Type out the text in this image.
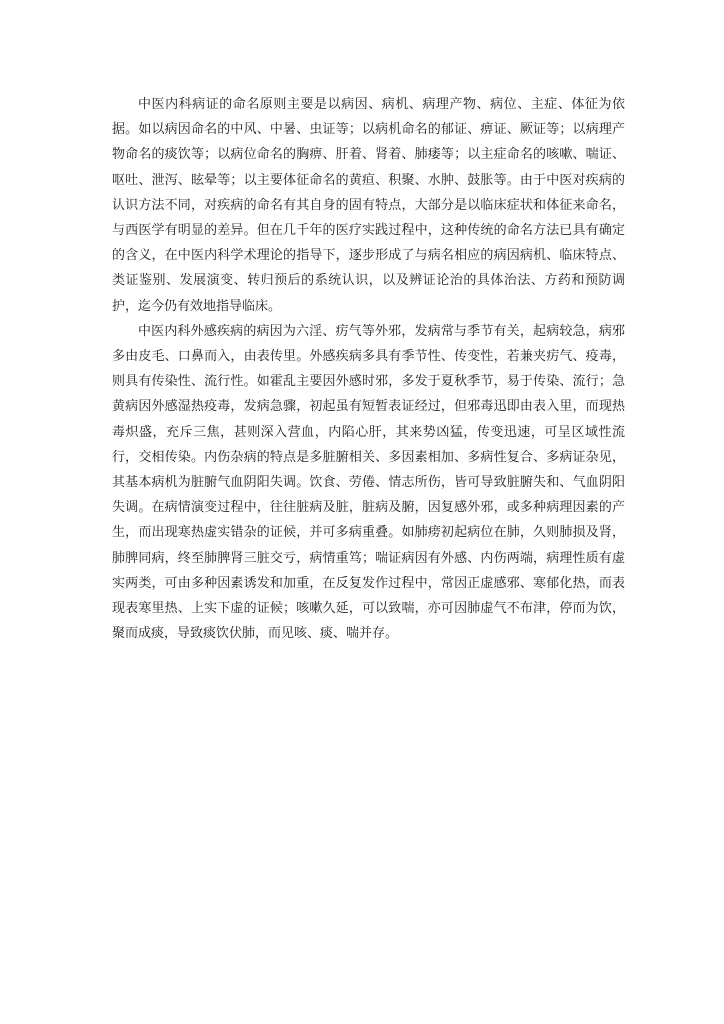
中医内科病证的命名原则主要是以病因、病机、病理产物、病位、主症、体征为依据。如以病因命名的中风、中暑、虫证等；以病机命名的郁证、痹证、厥证等；以病理产物命名的痰饮等；以病位命名的胸痹、肝着、肾着、肺痿等；以主症命名的咳嗽、喘证、呕吐、泄泻、眩晕等；以主要体征命名的黄疸、积聚、水肿、鼓胀等。由于中医对疾病的认识方法不同，对疾病的命名有其自身的固有特点，大部分是以临床症状和体征来命名，与西医学有明显的差异。但在几千年的医疗实践过程中，这种传统的命名方法已具有确定的含义，在中医内科学术理论的指导下，逐步形成了与病名相应的病因病机、临床特点、类证鉴别、发展演变、转归预后的系统认识，以及辨证论治的具体治法、方药和预防调护，迄今仍有效地指导临床。

中医内科外感疾病的病因为六淫、疠气等外邪，发病常与季节有关，起病较急，病邪多由皮毛、口鼻而入，由表传里。外感疾病多具有季节性、传变性，若兼夹疠气、疫毒，则具有传染性、流行性。如霍乱主要因外感时邪，多发于夏秋季节，易于传染、流行；急黄病因外感湿热疫毒，发病急骤，初起虽有短暂表证经过，但邪毒迅即由表入里，而现热毒炽盛，充斥三焦，甚则深入营血，内陷心肝，其来势凶猛，传变迅速，可呈区域性流行，交相传染。内伤杂病的特点是多脏腑相关、多因素相加、多病性复合、多病证杂见，其基本病机为脏腑气血阴阳失调。饮食、劳倦、情志所伤，皆可导致脏腑失和、气血阴阳失调。在病情演变过程中，往往脏病及脏，脏病及腑，因复感外邪，或多种病理因素的产生，而出现寒热虚实错杂的证候，并可多病重叠。如肺痨初起病位在肺，久则肺损及肾，肺脾同病，终至肺脾肾三脏交亏，病情重笃；喘证病因有外感、内伤两端，病理性质有虚实两类，可由多种因素诱发和加重，在反复发作过程中，常因正虚感邪、寒郁化热，而表现表寒里热、上实下虚的证候；咳嗽久延，可以致喘，亦可因肺虚气不布津，停而为饮，聚而成痰，导致痰饮伏肺，而见咳、痰、喘并存。
